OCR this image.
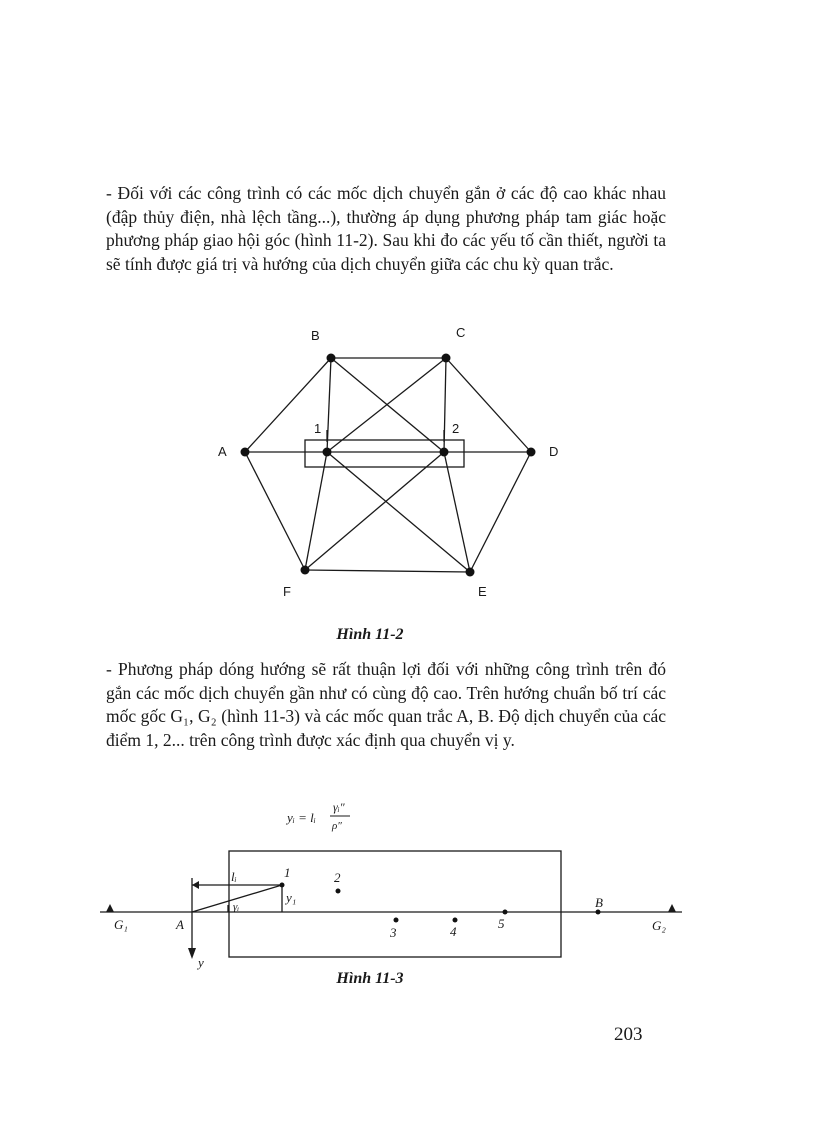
- Đối với các công trình có các mốc dịch chuyển gắn ở các độ cao khác nhau (đập thủy điện, nhà lệch tầng...), thường áp dụng phương pháp tam giác hoặc phương pháp giao hội góc (hình 11-2). Sau khi đo các yếu tố cần thiết, người ta sẽ tính được giá trị và hướng của dịch chuyển giữa các chu kỳ quan trắc.

A
B	C
D
E
F
1	2

Hình 11-2

- Phương pháp dóng hướng sẽ rất thuận lợi đối với những công trình trên đó gắn các mốc dịch chuyển gần như có cùng độ cao. Trên hướng chuẩn bố trí các mốc gốc G₁, G₂ (hình 11-3) và các mốc quan trắc A, B. Độ dịch chuyển của các điểm 1, 2... trên công trình được xác định qua chuyển vị y.

yᵢ = lᵢ
γᵢ″
ρ″
G₁	G₂
A
B
lᵢ	1	2
y₁
γᵢ
3	4
5
y

Hình 11-3

203
